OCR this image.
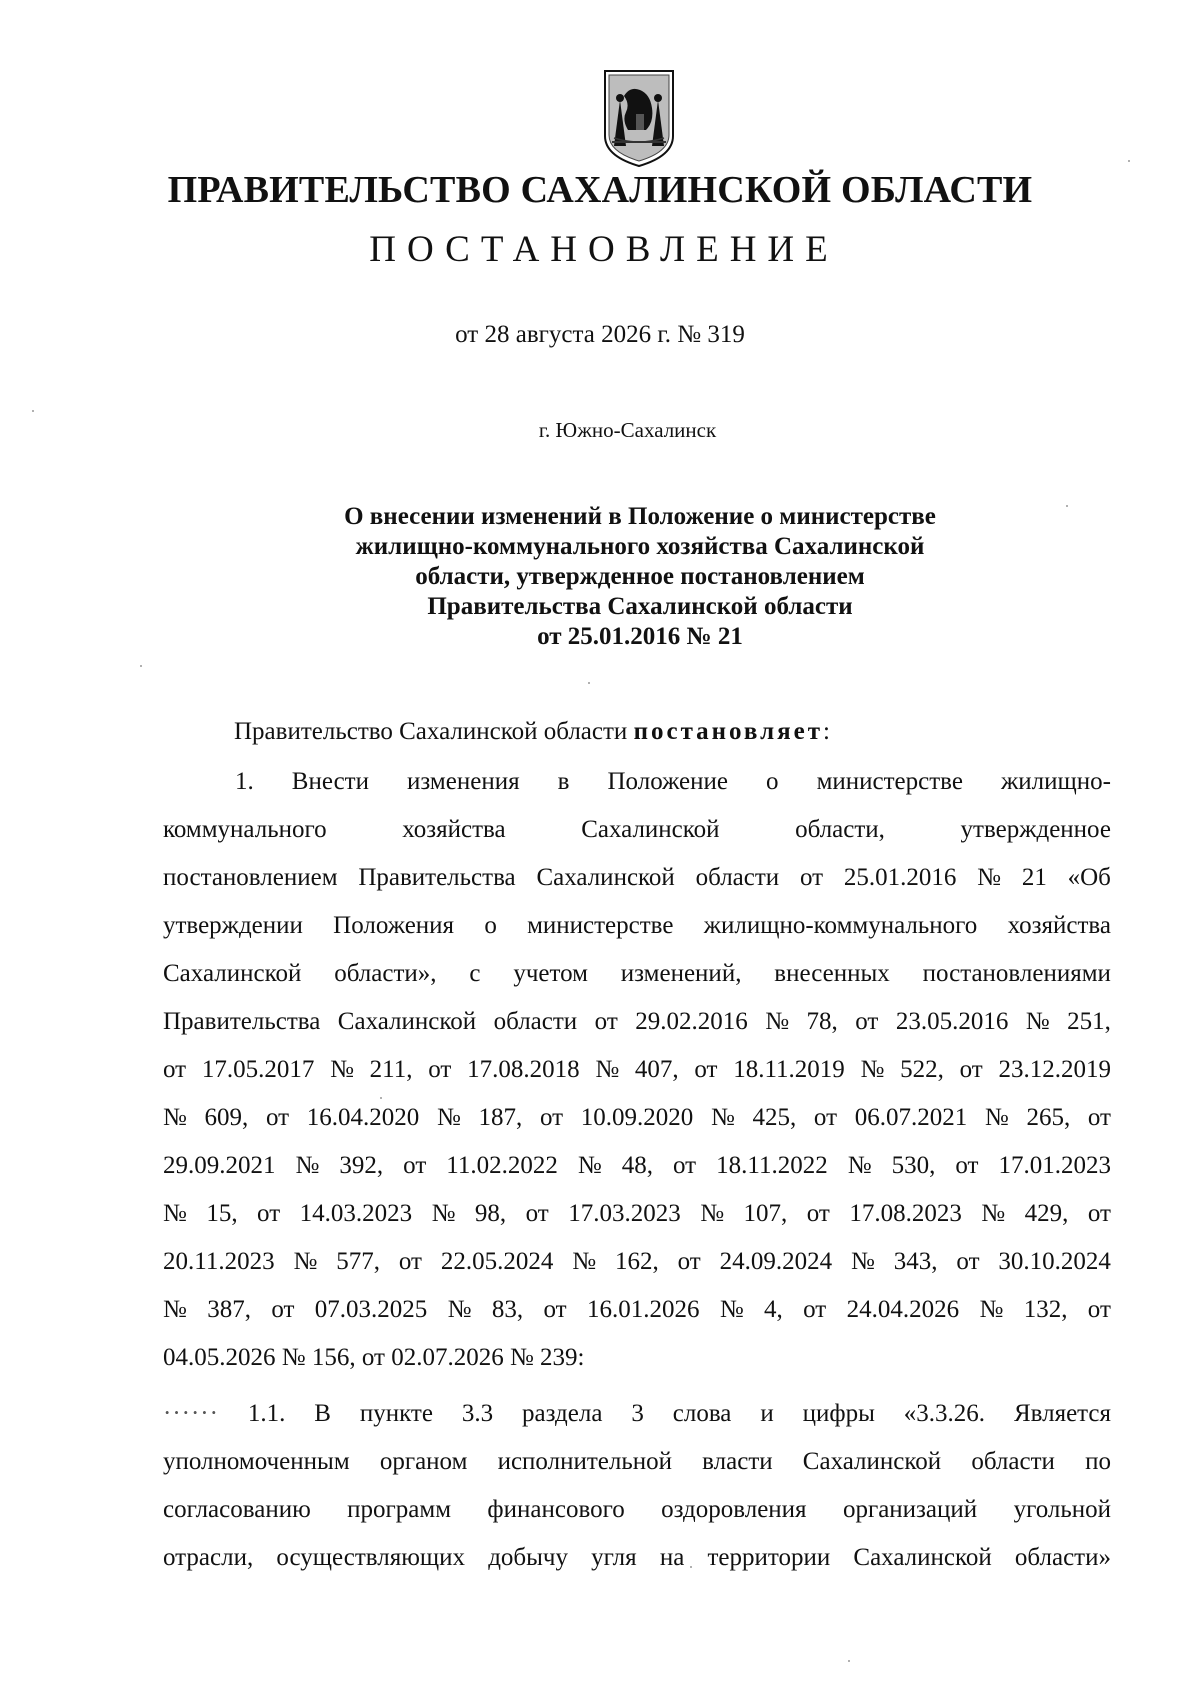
ПРАВИТЕЛЬСТВО САХАЛИНСКОЙ ОБЛАСТИ
ПОСТАНОВЛЕНИЕ
от 28 августа 2026 г. № 319
г. Южно-Сахалинск
О внесении изменений в Положение о министерстве
жилищно-коммунального хозяйства Сахалинской
области, утвержденное постановлением
Правительства Сахалинской области
от 25.01.2016 № 21
Правительство Сахалинской области постановляет:
1. Внести изменения в Положение о министерстве жилищно-
коммунального	хозяйства	Сахалинской	области,	утвержденное
постановлением Правительства Сахалинской области от 25.01.2016 № 21 «Об
утверждении Положения о министерстве жилищно-коммунального хозяйства
Сахалинской области», с учетом изменений, внесенных постановлениями
Правительства Сахалинской области от 29.02.2016 № 78, от 23.05.2016 № 251,
от 17.05.2017 № 211, от 17.08.2018 № 407, от 18.11.2019 № 522, от 23.12.2019
№ 609, от 16.04.2020 № 187, от 10.09.2020 № 425, от 06.07.2021 № 265, от
29.09.2021 № 392, от 11.02.2022 № 48, от 18.11.2022 № 530, от 17.01.2023
№ 15, от 14.03.2023 № 98, от 17.03.2023 № 107, от 17.08.2023 № 429, от
20.11.2023 № 577, от 22.05.2024 № 162, от 24.09.2024 № 343, от 30.10.2024
№ 387, от 07.03.2025 № 83, от 16.01.2026 № 4, от 24.04.2026 № 132, от
04.05.2026 № 156, от 02.07.2026 № 239:
······ 1.1. В пункте 3.3 раздела 3 слова и цифры «3.3.26. Является
уполномоченным органом исполнительной власти Сахалинской области по
согласованию программ финансового оздоровления организаций угольной
отрасли, осуществляющих добычу угля на территории Сахалинской области»
